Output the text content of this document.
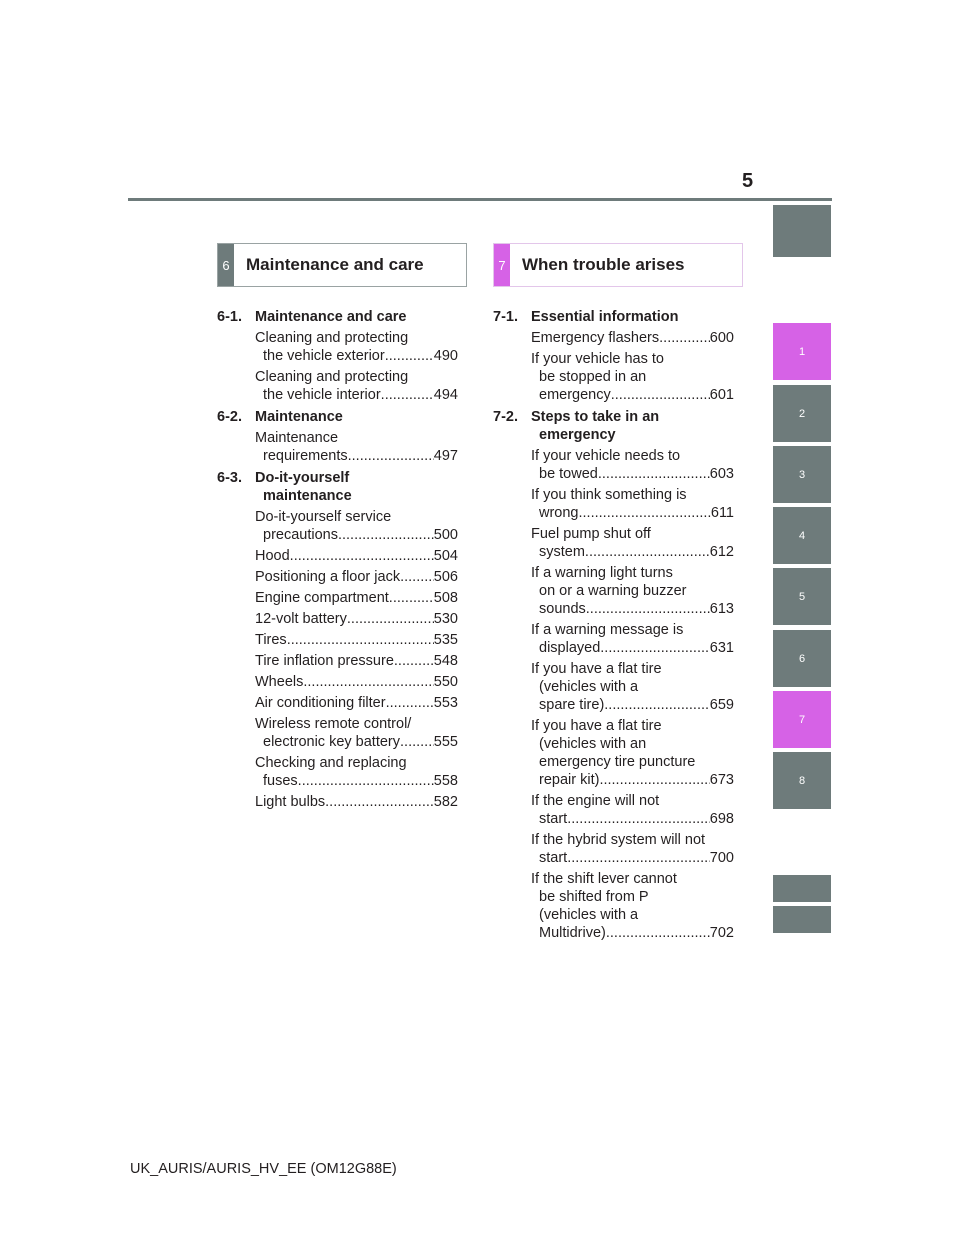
5
1
2
3
4
5
6
7
8
6 Maintenance and care	7 When trouble arises
6-1. Maintenance and care
Cleaning and protecting
the vehicle exterior .....	490
Cleaning and protecting
the vehicle interior .....	494
6-2. Maintenance
Maintenance
requirements .....	497
6-3. Do-it-yourself
maintenance
Do-it-yourself service
precautions .....	500
Hood .....	504
Positioning a floor jack ..... 506
Engine compartment .....	508
12-volt battery .....	530
Tires .....	535
Tire inflation pressure .....	548
Wheels .....	550
Air conditioning filter .....	553
Wireless remote control/
electronic key battery ..... 555
Checking and replacing
fuses .....	558
Light bulbs .....	582
7-1. Essential information
Emergency flashers .....	600
If your vehicle has to
be stopped in an
emergency .....	601
7-2. Steps to take in an
emergency
If your vehicle needs to
be towed .....	603
If you think something is
wrong .....	611
Fuel pump shut off
system .....	612
If a warning light turns
on or a warning buzzer
sounds .....	613
If a warning message is
displayed .....	631
If you have a flat tire
(vehicles with a
spare tire) .....	659
If you have a flat tire
(vehicles with an
emergency tire puncture
repair kit) .....	673
If the engine will not
start .....	698
If the hybrid system will not
start .....	700
If the shift lever cannot
be shifted from P
(vehicles with a
Multidrive) .....	702
UK_AURIS/AURIS_HV_EE (OM12G88E)
